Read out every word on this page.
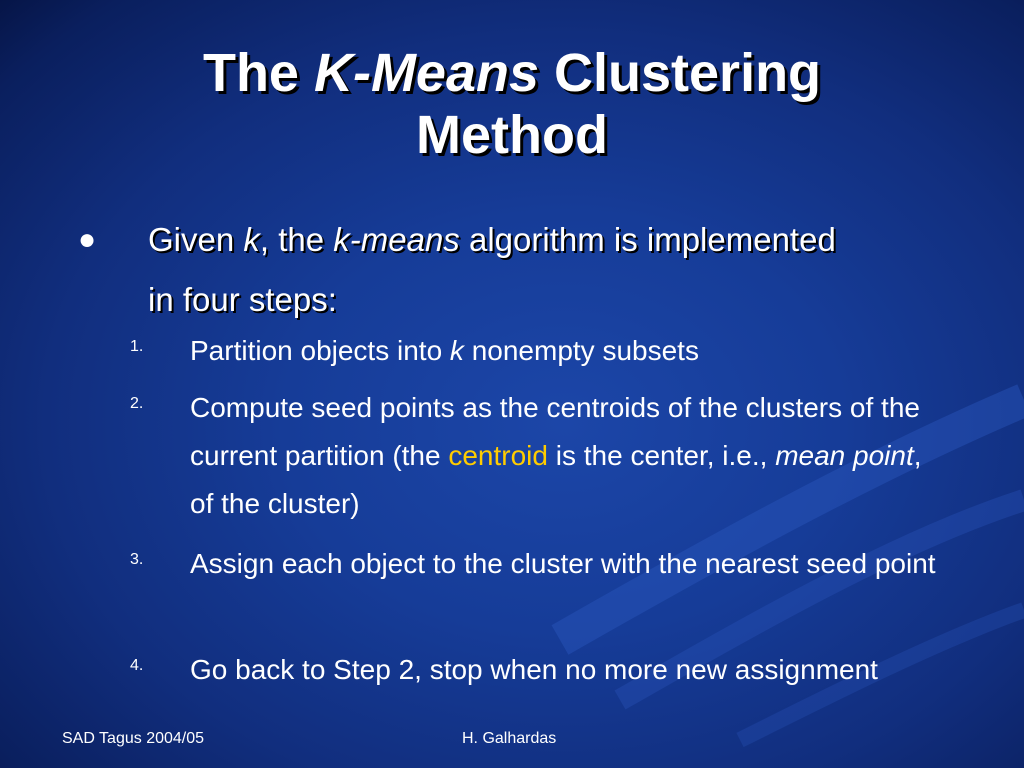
The K-Means Clustering
Method
● Given k, the k-means algorithm is implemented in four steps:
1. Partition objects into k nonempty subsets
2. Compute seed points as the centroids of the clusters of the current partition (the centroid is the center, i.e., mean point, of the cluster)
3. Assign each object to the cluster with the nearest seed point
4. Go back to Step 2, stop when no more new assignment
SAD Tagus 2004/05	H. Galhardas
